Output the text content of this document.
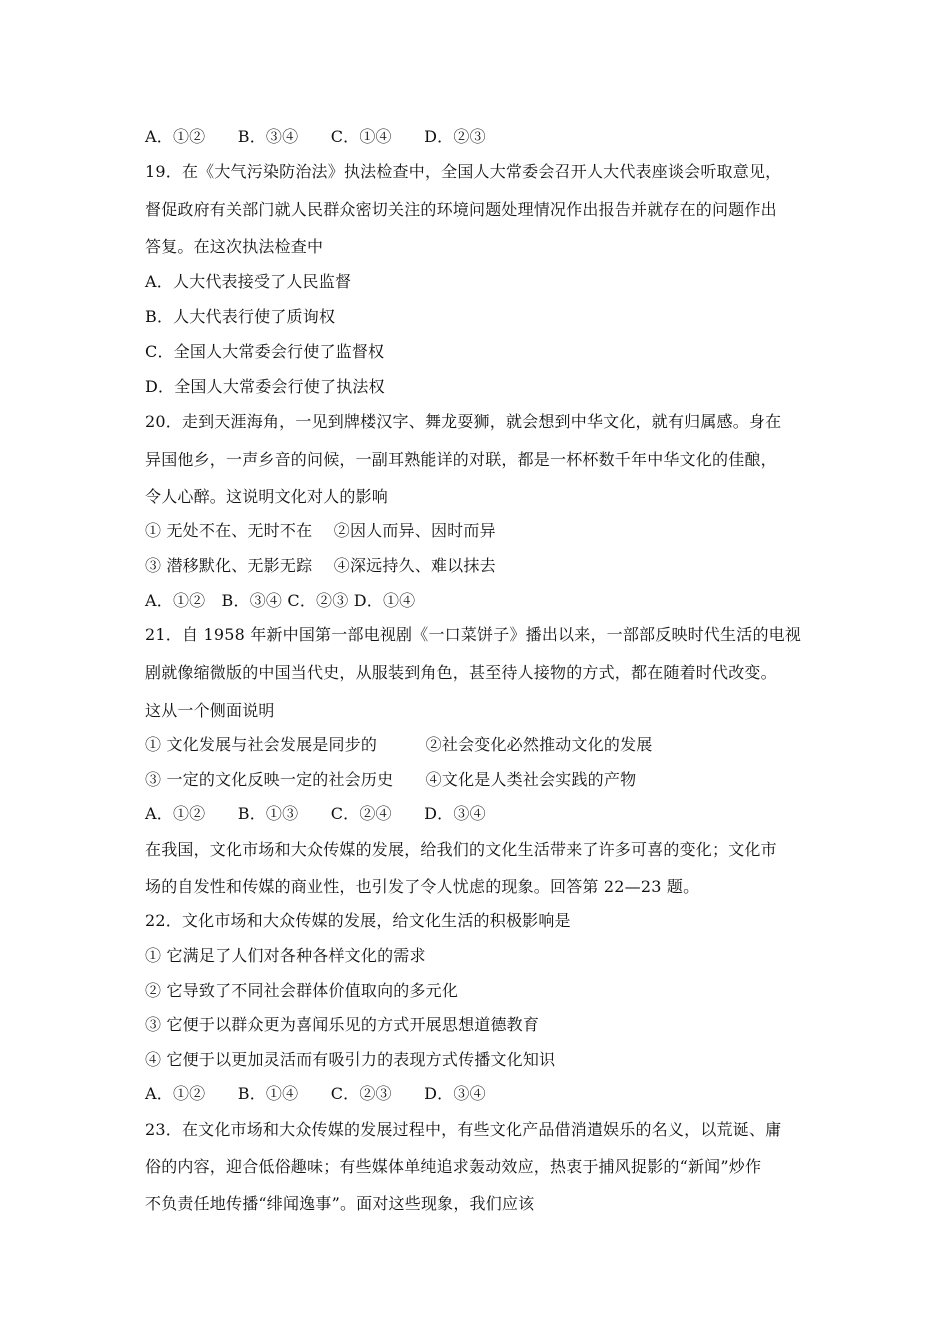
A．①②　　B．③④　　C．①④　　D．②③
19．在《大气污染防治法》执法检查中，全国人大常委会召开人大代表座谈会听取意见，
督促政府有关部门就人民群众密切关注的环境问题处理情况作出报告并就存在的问题作出
答复。在这次执法检查中
A．人大代表接受了人民监督
B．人大代表行使了质询权
C．全国人大常委会行使了监督权
D．全国人大常委会行使了执法权
20．走到天涯海角，一见到牌楼汉字、舞龙耍狮，就会想到中华文化，就有归属感。身在
异国他乡，一声乡音的问候，一副耳熟能详的对联，都是一杯杯数千年中华文化的佳酿，
令人心醉。这说明文化对人的影响
① 无处不在、无时不在　 ②因人而异、因时而异
③ 潜移默化、无影无踪　 ④深远持久、难以抹去
A．①②　B．③④ C．②③ D．①④
21．自 1958 年新中国第一部电视剧《一口菜饼子》播出以来，一部部反映时代生活的电视
剧就像缩微版的中国当代史，从服装到角色，甚至待人接物的方式，都在随着时代改变。
这从一个侧面说明
① 文化发展与社会发展是同步的　　　②社会变化必然推动文化的发展
③ 一定的文化反映一定的社会历史　　④文化是人类社会实践的产物
A．①②　　B．①③　　C．②④　　D．③④
在我国，文化市场和大众传媒的发展，给我们的文化生活带来了许多可喜的变化；文化市
场的自发性和传媒的商业性，也引发了令人忧虑的现象。回答第 22—23 题。
22．文化市场和大众传媒的发展，给文化生活的积极影响是
① 它满足了人们对各种各样文化的需求
② 它导致了不同社会群体价值取向的多元化
③ 它便于以群众更为喜闻乐见的方式开展思想道德教育
④ 它便于以更加灵活而有吸引力的表现方式传播文化知识
A．①②　　B．①④　　C．②③　　D．③④
23．在文化市场和大众传媒的发展过程中，有些文化产品借消遣娱乐的名义，以荒诞、庸
俗的内容，迎合低俗趣味；有些媒体单纯追求轰动效应，热衷于捕风捉影的“新闻”炒作
不负责任地传播“绯闻逸事”。面对这些现象，我们应该
